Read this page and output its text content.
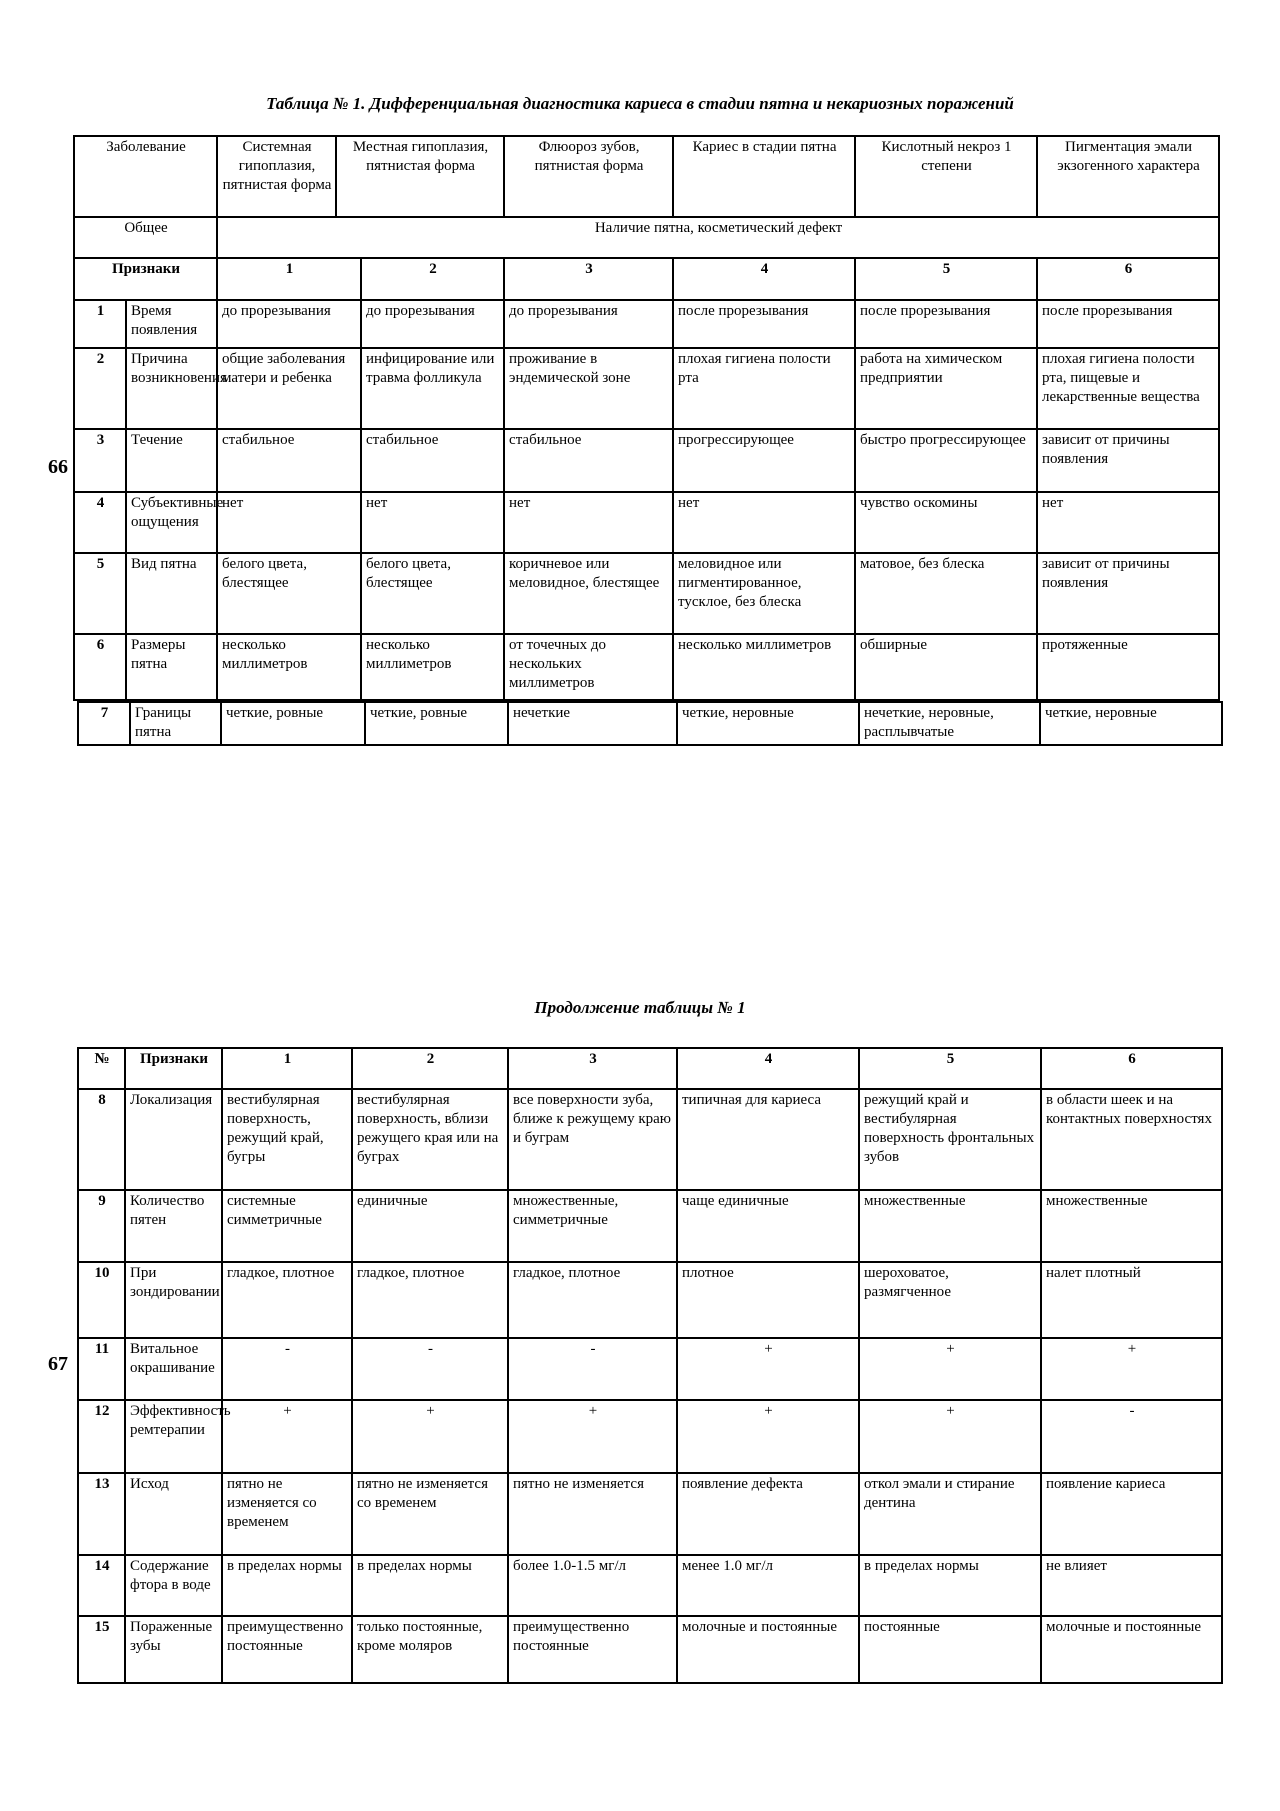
Таблица № 1. Дифференциальная диагностика кариеса в стадии пятна и некариозных поражений
66
Заболевание		Системная гипоплазия, пятнистая форма	Местная гипоплазия, пятнистая форма		Флюороз зубов, пятнистая форма	Кариес в стадии пятна	Кислотный некроз 1 степени	Пигментация эмали экзогенного характера
Общее		Наличие пятна, косметический дефект						
Признаки		1		2	3	4	5	6
1	Время появления	до прорезывания		до прорезывания	до прорезывания	после прорезывания	после прорезывания	после прорезывания
2	Причина возникновения	общие заболевания матери и ребенка		инфицирование или травма фолликула	проживание в эндемической зоне	плохая гигиена полости рта	работа на химическом предприятии	плохая гигиена полости рта, пищевые и лекарственные вещества
3	Течение	стабильное		стабильное	стабильное	прогрессирующее	быстро прогрессирующее	зависит от причины появления
4	Субъективные ощущения	нет		нет	нет	нет	чувство оскомины	нет
5	Вид пятна	белого цвета, блестящее		белого цвета, блестящее	коричневое или меловидное, блестящее	меловидное или пигментированное, тусклое, без блеска	матовое, без блеска	зависит от причины появления
6	Размеры пятна	несколько миллиметров		несколько миллиметров	от точечных до нескольких миллиметров	несколько миллиметров	обширные	протяженные
7	Границы пятна	четкие, ровные	четкие, ровные	нечеткие	четкие, неровные	нечеткие, неровные, расплывчатые	четкие, неровные
Продолжение таблицы № 1
67
№	Признаки	1	2	3	4	5	6
8	Локализация	вестибулярная поверхность, режущий край, бугры	вестибулярная поверхность, вблизи режущего края или на буграх	все поверхности зуба, ближе к режущему краю и буграм	типичная для кариеса	режущий край и вестибулярная поверхность фронтальных зубов	в области шеек и на контактных поверхностях
9	Количество пятен	системные симметричные	единичные	множественные, симметричные	чаще единичные	множественные	множественные
10	При зондировании	гладкое, плотное	гладкое, плотное	гладкое, плотное	плотное	шероховатое, размягченное	налет плотный
11	Витальное окрашивание	-	-	-	+	+	+
12	Эффективность ремтерапии	+	+	+	+	+	-
13	Исход	пятно не изменяется со временем	пятно не изменяется со временем	пятно не изменяется	появление дефекта	откол эмали и стирание дентина	появление кариеса
14	Содержание фтора в воде	в пределах нормы	в пределах нормы	более 1.0-1.5 мг/л	менее 1.0 мг/л	в пределах нормы	не влияет
15	Пораженные зубы	преимущественно постоянные	только постоянные, кроме моляров	преимущественно постоянные	молочные и постоянные	постоянные	молочные и постоянные
